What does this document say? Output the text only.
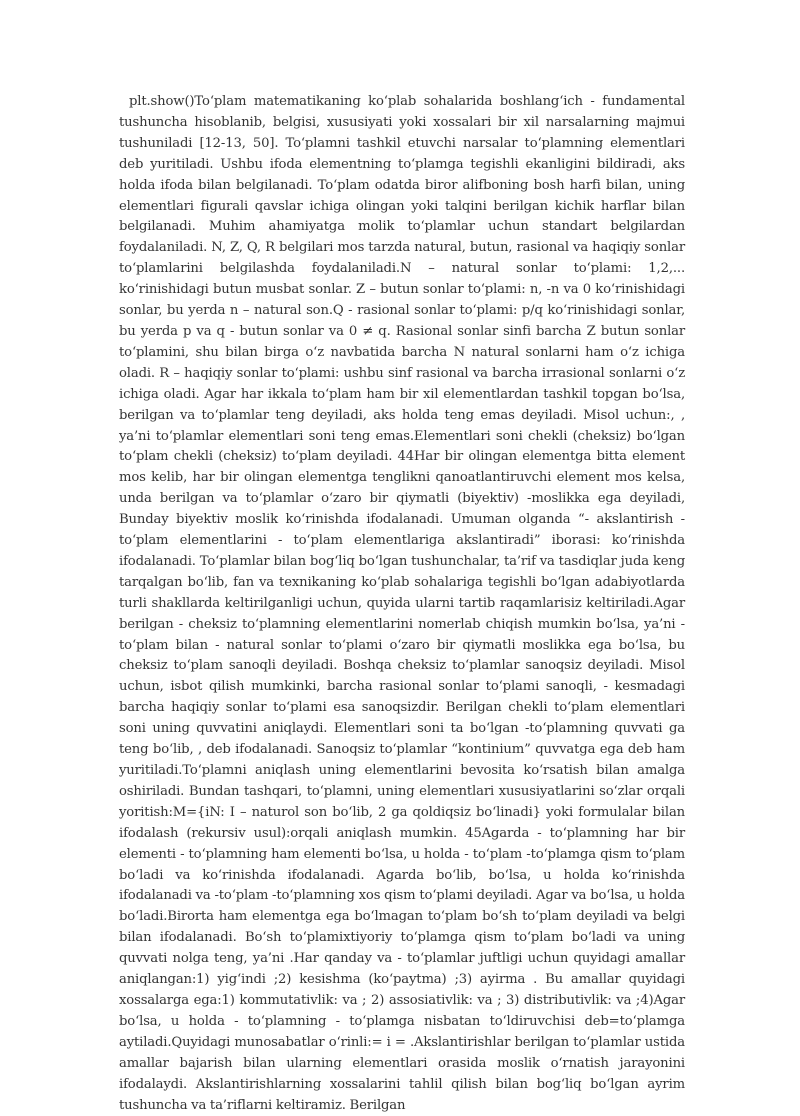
plt.show()To‘plam matematikaning ko‘plab sohalarida boshlang‘ich - fundamental tushuncha hisoblanib, belgisi, xususiyati yoki xossalari bir xil narsalarning majmui tushuniladi [12-13, 50]. To‘plamni tashkil etuvchi narsalar to‘plamning elementlari deb yuritiladi. Ushbu ifoda elementning to‘plamga tegishli ekanligini bildiradi, aks holda ifoda bilan belgilanadi. To‘plam odatda biror alifboning bosh harfi bilan, uning elementlari figurali qavslar ichiga olingan yoki talqini berilgan kichik harflar bilan belgilanadi. Muhim ahamiyatga molik to‘plamlar uchun standart belgilardan foydalaniladi. N, Z, Q, R belgilari mos tarzda natural, butun, rasional va haqiqiy sonlar to‘plamlarini belgilashda foydalaniladi.N – natural sonlar to‘plami: 1,2,... ko‘rinishidagi butun musbat sonlar. Z – butun sonlar to‘plami: n, -n va 0 ko‘rinishidagi sonlar, bu yerda n – natural son.Q - rasional sonlar to‘plami: p/q ko‘rinishidagi sonlar, bu yerda p va q - butun sonlar va 0 ≠ q. Rasional sonlar sinfi barcha Z butun sonlar to‘plamini, shu bilan birga o‘z navbatida barcha N natural sonlarni ham o‘z ichiga oladi. R – haqiqiy sonlar to‘plami: ushbu sinf rasional va barcha irrasional sonlarni o‘z ichiga oladi. Agar har ikkala to‘plam ham bir xil elementlardan tashkil topgan bo‘lsa, berilgan va to‘plamlar teng deyiladi, aks holda teng emas deyiladi. Misol uchun:, , ya’ni to‘plamlar elementlari soni teng emas.Elementlari soni chekli (cheksiz) bo‘lgan to‘plam chekli (cheksiz) to‘plam deyiladi. 44Har bir olingan elementga bitta element mos kelib, har bir olingan elementga tenglikni qanoatlantiruvchi element mos kelsa, unda berilgan va to‘plamlar o‘zaro bir qiymatli (biyektiv) -moslikka ega deyiladi, Bunday biyektiv moslik ko‘rinishda ifodalanadi. Umuman olganda “- akslantirish - to‘plam elementlarini - to‘plam elementlariga akslantiradi” iborasi: ko‘rinishda ifodalanadi. To‘plamlar bilan bog‘liq bo‘lgan tushunchalar, ta’rif va tasdiqlar juda keng tarqalgan bo‘lib, fan va texnikaning ko‘plab sohalariga tegishli bo‘lgan adabiyotlarda turli shakllarda keltirilganligi uchun, quyida ularni tartib raqamlarisiz keltiriladi.Agar berilgan - cheksiz to‘plamning elementlarini nomerlab chiqish mumkin bo‘lsa, ya’ni - to‘plam bilan - natural sonlar to‘plami o‘zaro bir qiymatli moslikka ega bo‘lsa, bu cheksiz to‘plam sanoqli deyiladi. Boshqa cheksiz to‘plamlar sanoqsiz deyiladi. Misol uchun, isbot qilish mumkinki, barcha rasional sonlar to‘plami sanoqli, - kesmadagi barcha haqiqiy sonlar to‘plami esa sanoqsizdir. Berilgan chekli to‘plam elementlari soni uning quvvatini aniqlaydi. Elementlari soni ta bo‘lgan -to‘plamning quvvati ga teng bo‘lib, , deb ifodalanadi. Sanoqsiz to‘plamlar “kontinium” quvvatga ega deb ham yuritiladi.To‘plamni aniqlash uning elementlarini bevosita ko‘rsatish bilan amalga oshiriladi. Bundan tashqari, to‘plamni, uning elementlari xususiyatlarini so‘zlar orqali yoritish:M={iN: I – naturol son bo‘lib, 2 ga qoldiqsiz bo‘linadi} yoki formulalar bilan ifodalash (rekursiv usul):orqali aniqlash mumkin. 45Agarda - to‘plamning har bir elementi - to‘plamning ham elementi bo‘lsa, u holda - to‘plam -to‘plamga qism to‘plam bo‘ladi va ko‘rinishda ifodalanadi. Agarda bo‘lib, bo‘lsa, u holda ko‘rinishda ifodalanadi va -to‘plam -to‘plamning xos qism to‘plami deyiladi. Agar va bo‘lsa, u holda bo‘ladi.Birorta ham elementga ega bo‘lmagan to‘plam bo‘sh to‘plam deyiladi va belgi bilan ifodalanadi. Bo‘sh to‘plamixtiyoriy to‘plamga qism to‘plam bo‘ladi va uning quvvati nolga teng, ya’ni .Har qanday va - to‘plamlar juftligi uchun quyidagi amallar aniqlangan:1) yig‘indi ;2) kesishma (ko‘paytma) ;3) ayirma . Bu amallar quyidagi xossalarga ega:1) kommutativlik: va ; 2) assosiativlik: va ; 3) distributivlik: va ;4)Agar bo‘lsa, u holda - to‘plamning - to‘plamga nisbatan to‘ldiruvchisi deb=to‘plamga aytiladi.Quyidagi munosabatlar o‘rinli:= i = .Akslantirishlar berilgan to‘plamlar ustida amallar bajarish bilan ularning elementlari orasida moslik o‘rnatish jarayonini ifodalaydi. Akslantirishlarning xossalarini tahlil qilish bilan bog‘liq bo‘lgan ayrim tushuncha va ta’riflarni keltiramiz. Berilgan
